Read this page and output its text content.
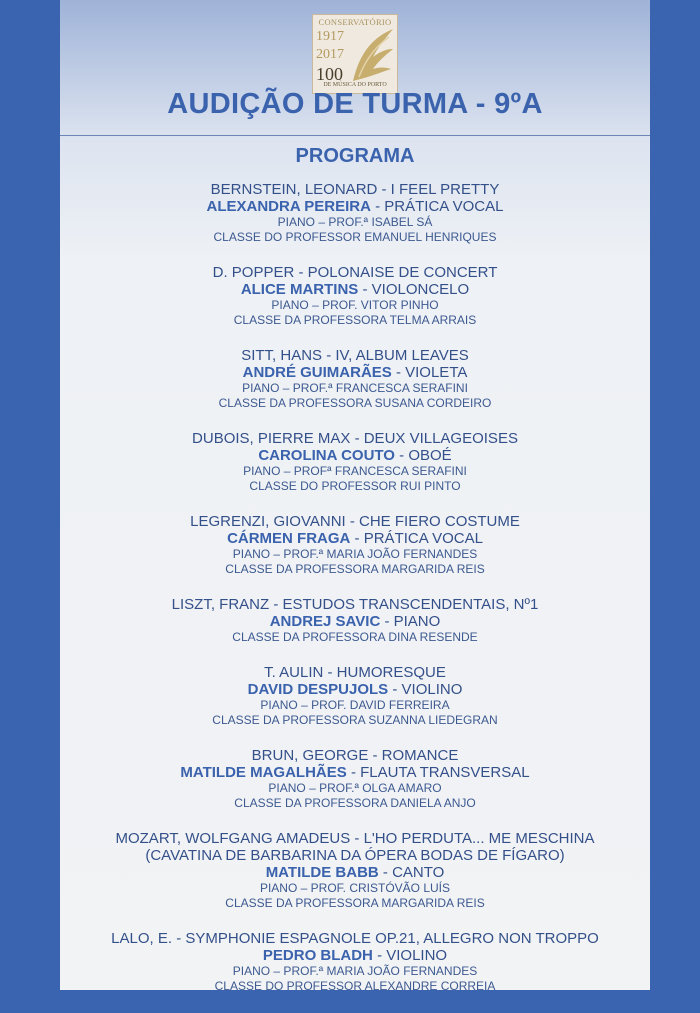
CONSERVATÓRIO
1917
2017
100
DE MÚSICA DO PORTO
AUDIÇÃO DE TURMA - 9ºA
PROGRAMA
BERNSTEIN, LEONARD - I FEEL PRETTY
ALEXANDRA PEREIRA - PRÁTICA VOCAL
PIANO – PROF.ª ISABEL SÁ
CLASSE DO PROFESSOR EMANUEL HENRIQUES
D. POPPER - POLONAISE DE CONCERT
ALICE MARTINS - VIOLONCELO
PIANO – PROF. VITOR PINHO
CLASSE DA PROFESSORA TELMA ARRAIS
SITT, HANS - IV, ALBUM LEAVES
ANDRÉ GUIMARÃES - VIOLETA
PIANO – PROF.ª FRANCESCA SERAFINI
CLASSE DA PROFESSORA SUSANA CORDEIRO
DUBOIS, PIERRE MAX - DEUX VILLAGEOISES
CAROLINA COUTO - OBOÉ
PIANO – PROFª FRANCESCA SERAFINI
CLASSE DO PROFESSOR RUI PINTO
LEGRENZI, GIOVANNI - CHE FIERO COSTUME
CÁRMEN FRAGA - PRÁTICA VOCAL
PIANO – PROF.ª MARIA JOÃO FERNANDES
CLASSE DA PROFESSORA MARGARIDA REIS
LISZT, FRANZ - ESTUDOS TRANSCENDENTAIS, Nº1
ANDREJ SAVIC - PIANO
CLASSE DA PROFESSORA DINA RESENDE
T. AULIN - HUMORESQUE
DAVID DESPUJOLS - VIOLINO
PIANO – PROF. DAVID FERREIRA
CLASSE DA PROFESSORA SUZANNA LIEDEGRAN
BRUN, GEORGE - ROMANCE
MATILDE MAGALHÃES - FLAUTA TRANSVERSAL
PIANO – PROF.ª OLGA AMARO
CLASSE DA PROFESSORA DANIELA ANJO
MOZART, WOLFGANG AMADEUS - L'HO PERDUTA... ME MESCHINA
(CAVATINA DE BARBARINA DA ÓPERA BODAS DE FÍGARO)
MATILDE BABB - CANTO
PIANO – PROF. CRISTÓVÃO LUÍS
CLASSE DA PROFESSORA MARGARIDA REIS
LALO, E. - SYMPHONIE ESPAGNOLE OP.21, ALLEGRO NON TROPPO
PEDRO BLADH - VIOLINO
PIANO – PROF.ª MARIA JOÃO FERNANDES
CLASSE DO PROFESSOR ALEXANDRE CORREIA
